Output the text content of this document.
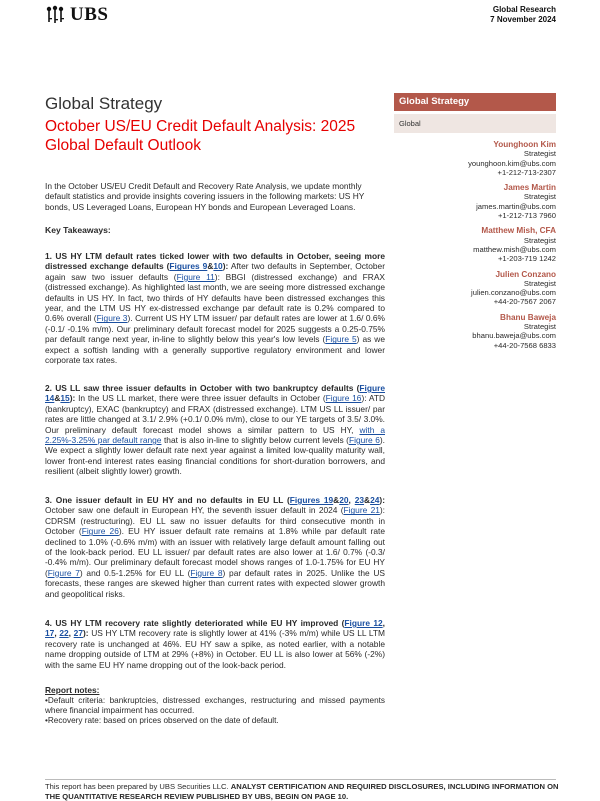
UBS	Global Research
7 November 2024
Global Strategy
October US/EU Credit Default Analysis: 2025 Global Default Outlook
In the October US/EU Credit Default and Recovery Rate Analysis, we update monthly default statistics and provide insights covering issuers in the following markets: US HY bonds, US Leveraged Loans, European HY bonds and European Leveraged Loans.
Key Takeaways:
1. US HY LTM default rates ticked lower with two defaults in October, seeing more distressed exchange defaults (Figures 9&10): After two defaults in September, October again saw two issuer defaults (Figure 11): BBGI (distressed exchange) and FRAX (distressed exchange). As highlighted last month, we are seeing more distressed exchange defaults in US HY. In fact, two thirds of HY defaults have been distressed exchanges this year, and the LTM US HY ex-distressed exchange par default rate is 0.2% compared to 0.6% overall (Figure 3). Current US HY LTM issuer/ par default rates are lower at 1.6/ 0.6% (-0.1/ -0.1% m/m). Our preliminary default forecast model for 2025 suggests a 0.25-0.75% par default range next year, in-line to slightly below this year's low levels (Figure 5) as we expect a softish landing with a generally supportive regulatory environment and lower corporate tax rates.
2. US LL saw three issuer defaults in October with two bankruptcy defaults (Figure 14&15): In the US LL market, there were three issuer defaults in October (Figure 16): ATD (bankruptcy), EXAC (bankruptcy) and FRAX (distressed exchange). LTM US LL issuer/ par rates are little changed at 3.1/ 2.9% (+0.1/ 0.0% m/m), close to our YE targets of 3.5/ 3.0%. Our preliminary default forecast model shows a similar pattern to US HY, with a 2.25%-3.25% par default range that is also in-line to slightly below current levels (Figure 6). We expect a slightly lower default rate next year against a limited low-quality maturity wall, lower front-end interest rates easing financial conditions for short-duration borrowers, and resilient (albeit slightly lower) growth.
3. One issuer default in EU HY and no defaults in EU LL (Figures 19&20, 23&24): October saw one default in European HY, the seventh issuer default in 2024 (Figure 21): CDRSM (restructuring). EU LL saw no issuer defaults for third consecutive month in October (Figure 26). EU HY issuer default rate remains at 1.8% while par default rate declined to 1.0% (-0.6% m/m) with an issuer with relatively large default amount falling out of the look-back period. EU LL issuer/ par default rates are also lower at 1.6/ 0.7% (-0.3/ -0.4% m/m). Our preliminary default forecast model shows ranges of 1.0-1.75% for EU HY (Figure 7) and 0.5-1.25% for EU LL (Figure 8) par default rates in 2025. Unlike the US forecasts, these ranges are skewed higher than current rates with expected slower growth and geopolitical risks.
4. US HY LTM recovery rate slightly deteriorated while EU HY improved (Figure 12, 17, 22, 27): US HY LTM recovery rate is slightly lower at 41% (-3% m/m) while US LL LTM recovery rate is unchanged at 46%. EU HY saw a spike, as noted earlier, with a notable name dropping outside of LTM at 29% (+8%) in October. EU LL is also lower at 56% (-2%) with the same EU HY name dropping out of the look-back period.
Report notes:
•Default criteria: bankruptcies, distressed exchanges, restructuring and missed payments where financial impairment has occurred.
•Recovery rate: based on prices observed on the date of default.
Global Strategy
Global
Younghoon Kim
Strategist
younghoon.kim@ubs.com
+1-212-713-2307
James Martin
Strategist
james.martin@ubs.com
+1-212-713 7960
Matthew Mish, CFA
Strategist
matthew.mish@ubs.com
+1-203-719 1242
Julien Conzano
Strategist
julien.conzano@ubs.com
+44-20-7567 2067
Bhanu Baweja
Strategist
bhanu.baweja@ubs.com
+44-20-7568 6833
This report has been prepared by UBS Securities LLC. ANALYST CERTIFICATION AND REQUIRED DISCLOSURES, INCLUDING INFORMATION ON THE QUANTITATIVE RESEARCH REVIEW PUBLISHED BY UBS, BEGIN ON PAGE 10.
